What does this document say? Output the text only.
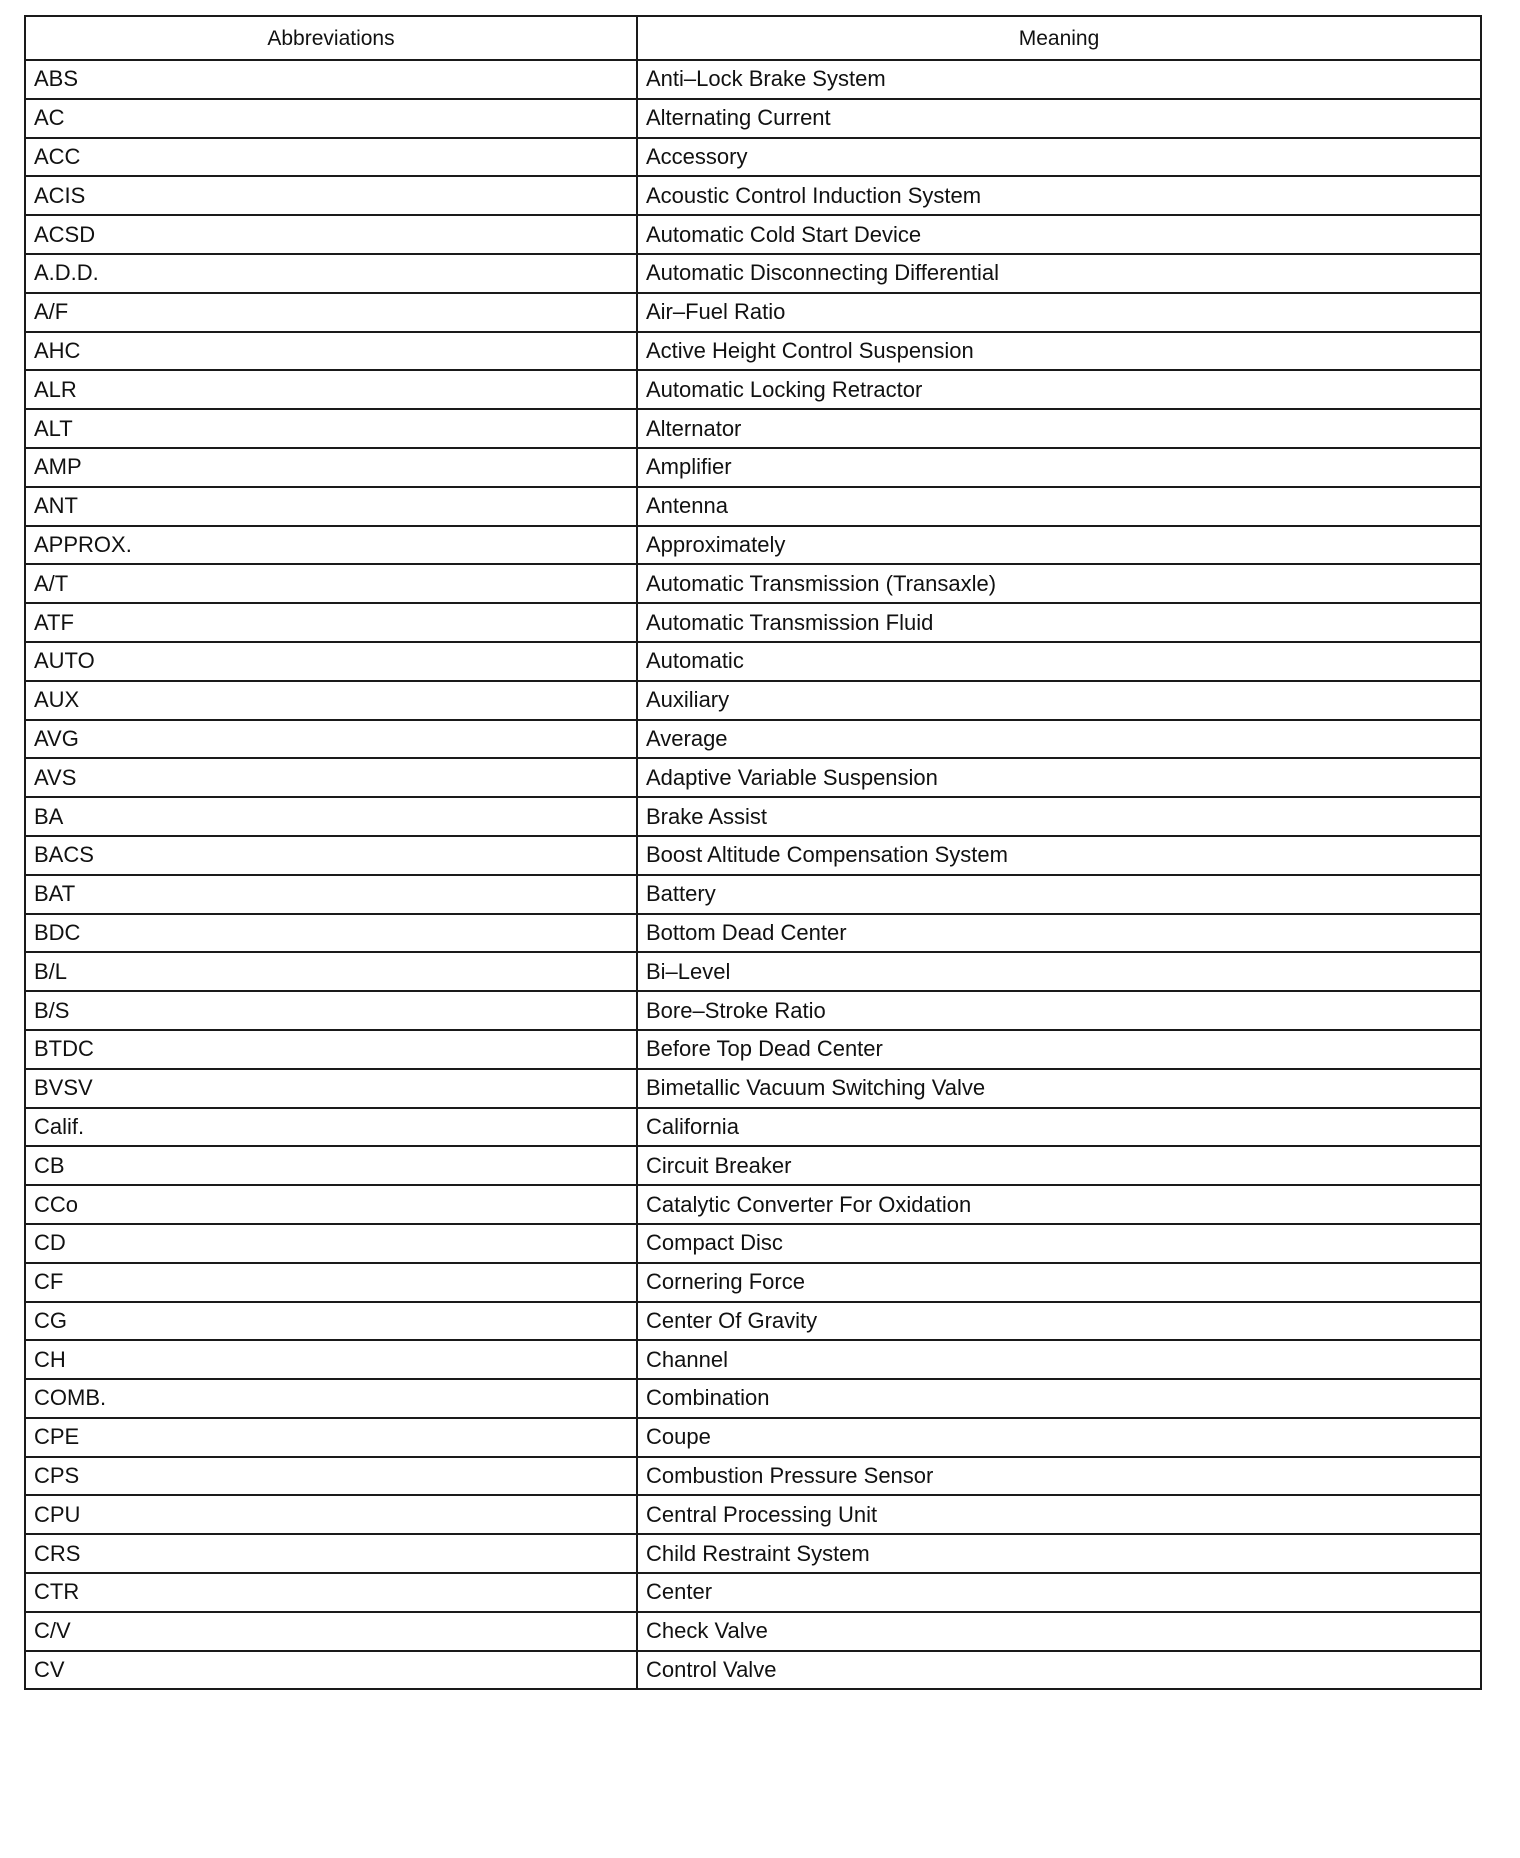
Abbreviations	Meaning
ABS	Anti–Lock Brake System
AC	Alternating Current
ACC	Accessory
ACIS	Acoustic Control Induction System
ACSD	Automatic Cold Start Device
A.D.D.	Automatic Disconnecting Differential
A/F	Air–Fuel Ratio
AHC	Active Height Control Suspension
ALR	Automatic Locking Retractor
ALT	Alternator
AMP	Amplifier
ANT	Antenna
APPROX.	Approximately
A/T	Automatic Transmission (Transaxle)
ATF	Automatic Transmission Fluid
AUTO	Automatic
AUX	Auxiliary
AVG	Average
AVS	Adaptive Variable Suspension
BA	Brake Assist
BACS	Boost Altitude Compensation System
BAT	Battery
BDC	Bottom Dead Center
B/L	Bi–Level
B/S	Bore–Stroke Ratio
BTDC	Before Top Dead Center
BVSV	Bimetallic Vacuum Switching Valve
Calif.	California
CB	Circuit Breaker
CCo	Catalytic Converter For Oxidation
CD	Compact Disc
CF	Cornering Force
CG	Center Of Gravity
CH	Channel
COMB.	Combination
CPE	Coupe
CPS	Combustion Pressure Sensor
CPU	Central Processing Unit
CRS	Child Restraint System
CTR	Center
C/V	Check Valve
CV	Control Valve
